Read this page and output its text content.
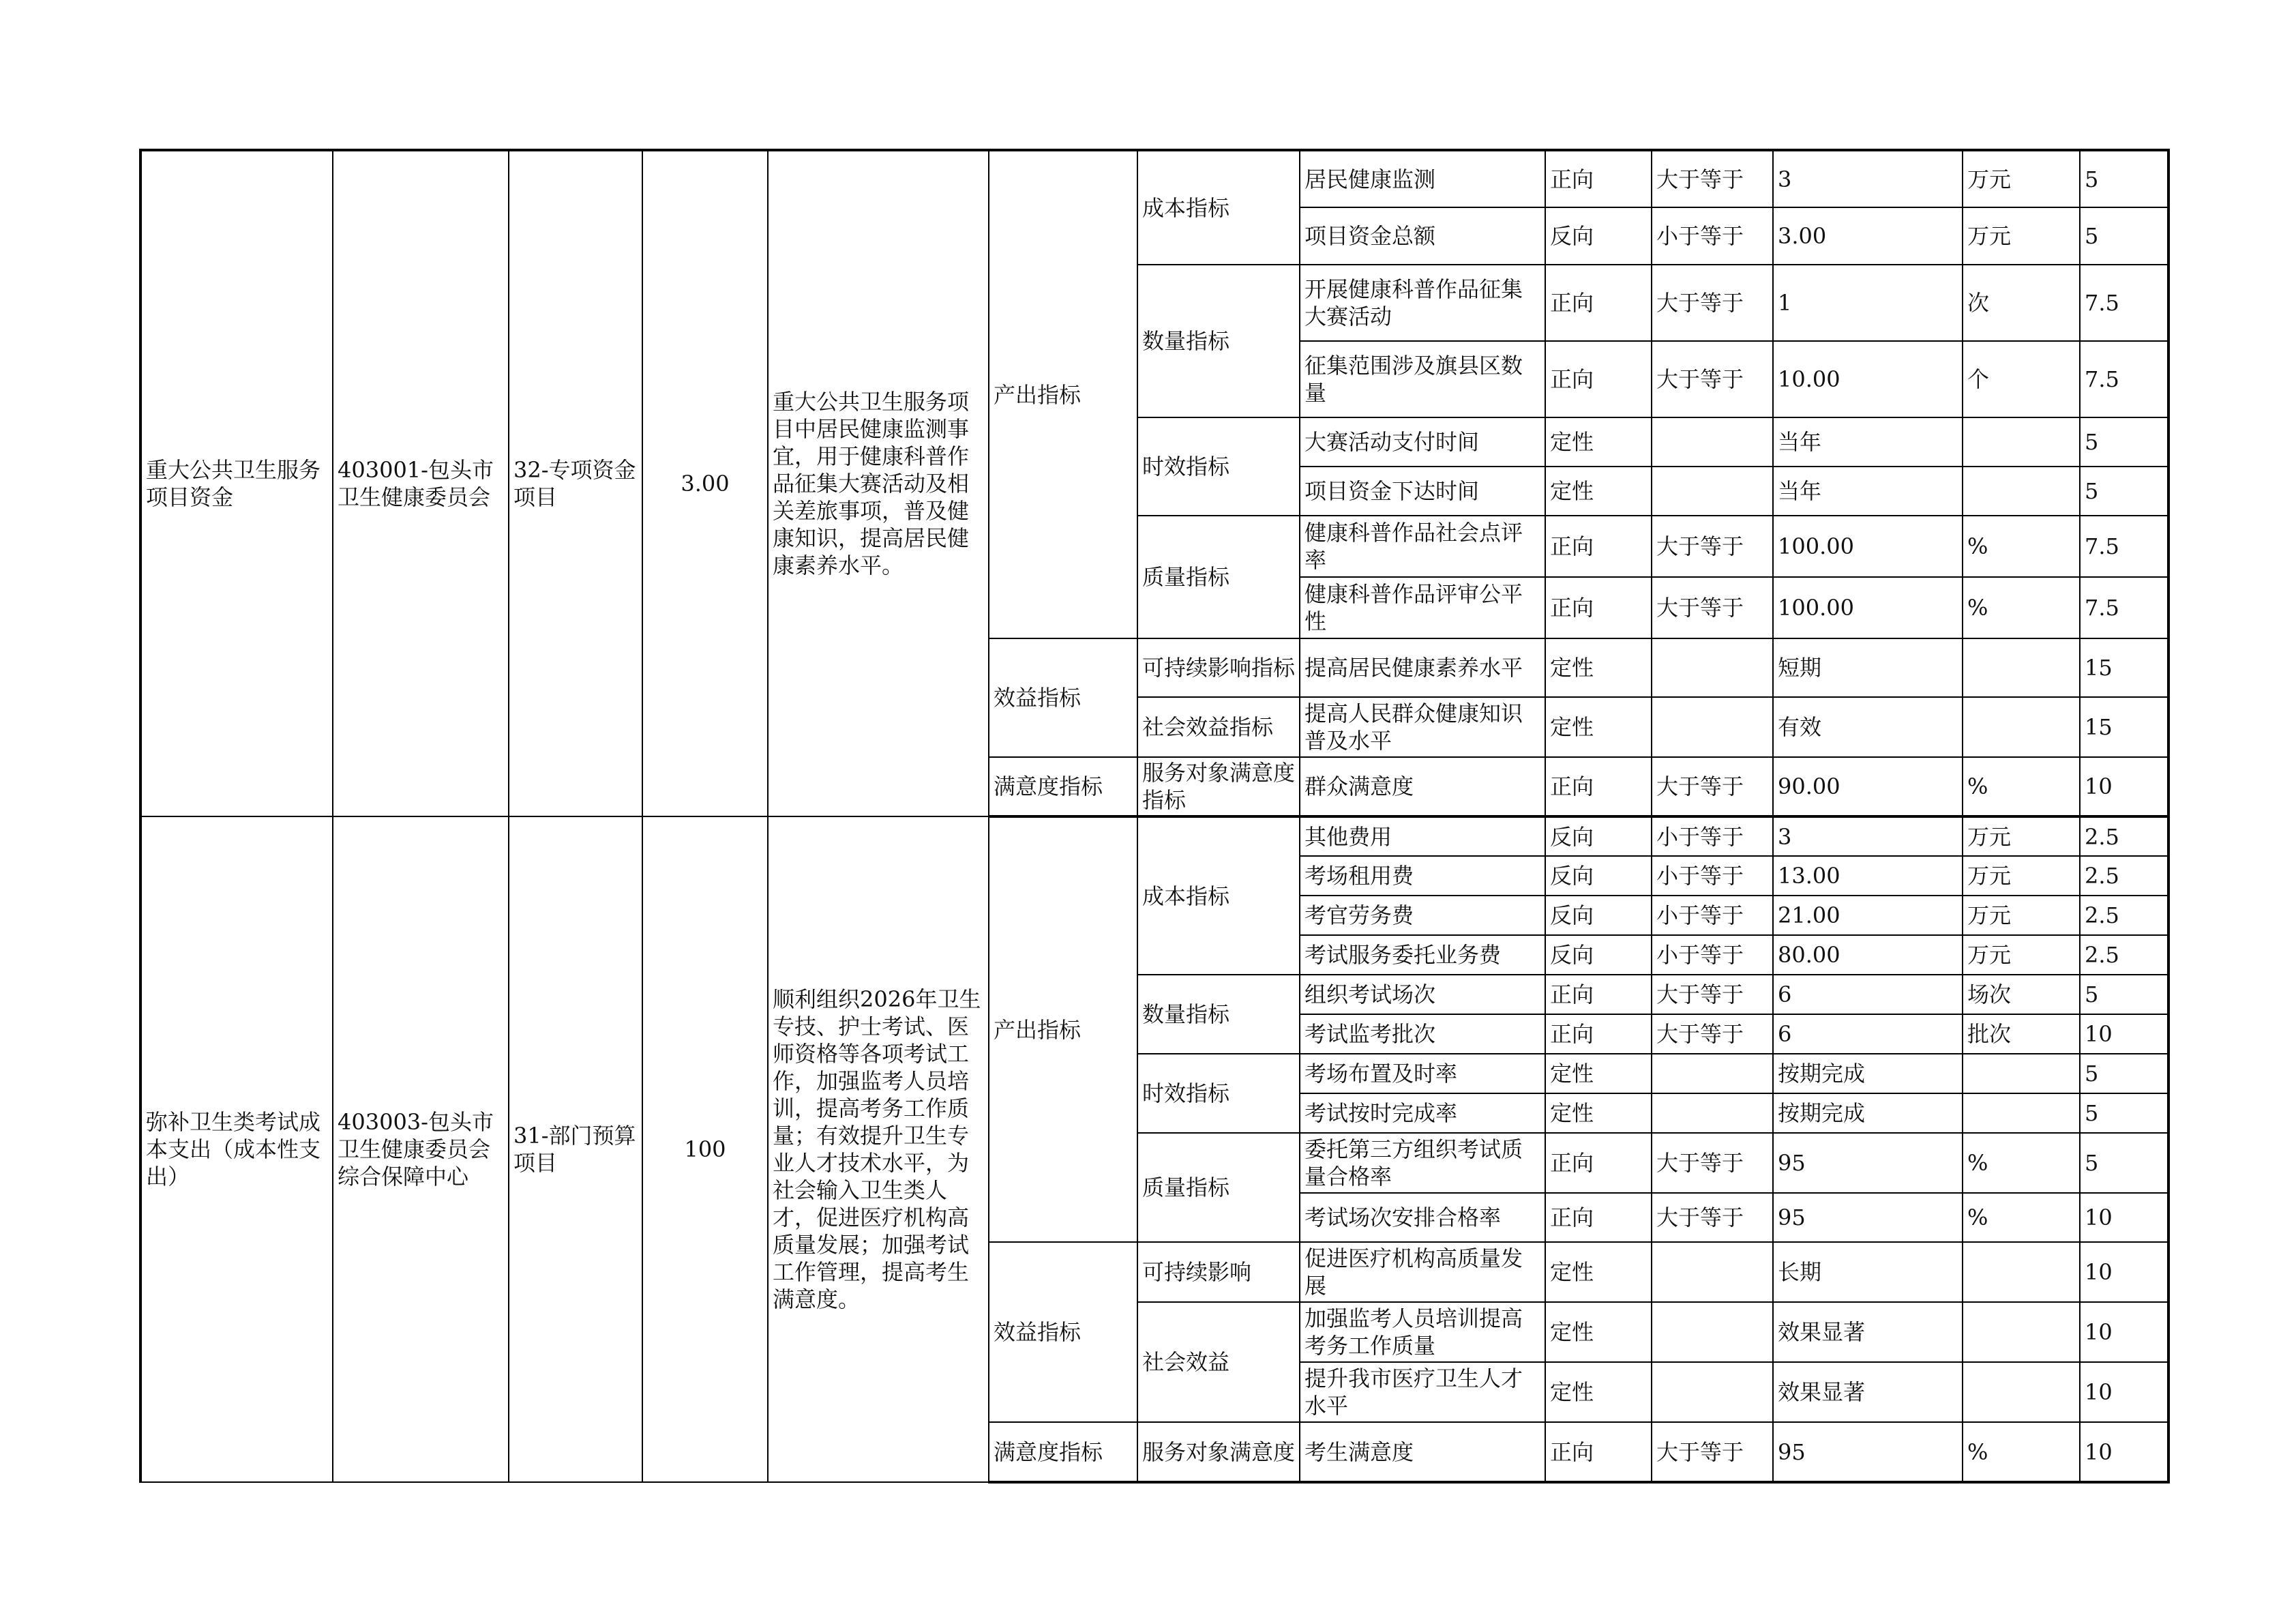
重大公共卫生服务项目资金	403001-包头市卫生健康委员会	32-专项资金项目	3.00	重大公共卫生服务项目中居民健康监测事宜，用于健康科普作品征集大赛活动及相关差旅事项，普及健康知识，提高居民健康素养水平。	产出指标	成本指标	居民健康监测	正向	大于等于	3	万元	5
							项目资金总额	反向	小于等于	3.00	万元	5
						数量指标	开展健康科普作品征集大赛活动	正向	大于等于	1	次	7.5
							征集范围涉及旗县区数量	正向	大于等于	10.00	个	7.5
						时效指标	大赛活动支付时间	定性		当年		5
							项目资金下达时间	定性		当年		5
						质量指标	健康科普作品社会点评率	正向	大于等于	100.00	%	7.5
							健康科普作品评审公平性	正向	大于等于	100.00	%	7.5
					效益指标	可持续影响指标	提高居民健康素养水平	定性		短期		15
						社会效益指标	提高人民群众健康知识普及水平	定性		有效		15
					满意度指标	服务对象满意度指标	群众满意度	正向	大于等于	90.00	%	10
弥补卫生类考试成本支出（成本性支出）	403003-包头市卫生健康委员会综合保障中心	31-部门预算项目	100	顺利组织2026年卫生专技、护士考试、医师资格等各项考试工作，加强监考人员培训，提高考务工作质量；有效提升卫生专业人才技术水平，为社会输入卫生类人才，促进医疗机构高质量发展；加强考试工作管理，提高考生满意度。	产出指标	成本指标	其他费用	反向	小于等于	3	万元	2.5
							考场租用费	反向	小于等于	13.00	万元	2.5
							考官劳务费	反向	小于等于	21.00	万元	2.5
							考试服务委托业务费	反向	小于等于	80.00	万元	2.5
						数量指标	组织考试场次	正向	大于等于	6	场次	5
							考试监考批次	正向	大于等于	6	批次	10
						时效指标	考场布置及时率	定性		按期完成		5
							考试按时完成率	定性		按期完成		5
						质量指标	委托第三方组织考试质量合格率	正向	大于等于	95	%	5
							考试场次安排合格率	正向	大于等于	95	%	10
					效益指标	可持续影响	促进医疗机构高质量发展	定性		长期		10
						社会效益	加强监考人员培训提高考务工作质量	定性		效果显著		10
							提升我市医疗卫生人才水平	定性		效果显著		10
					满意度指标	服务对象满意度	考生满意度	正向	大于等于	95	%	10
